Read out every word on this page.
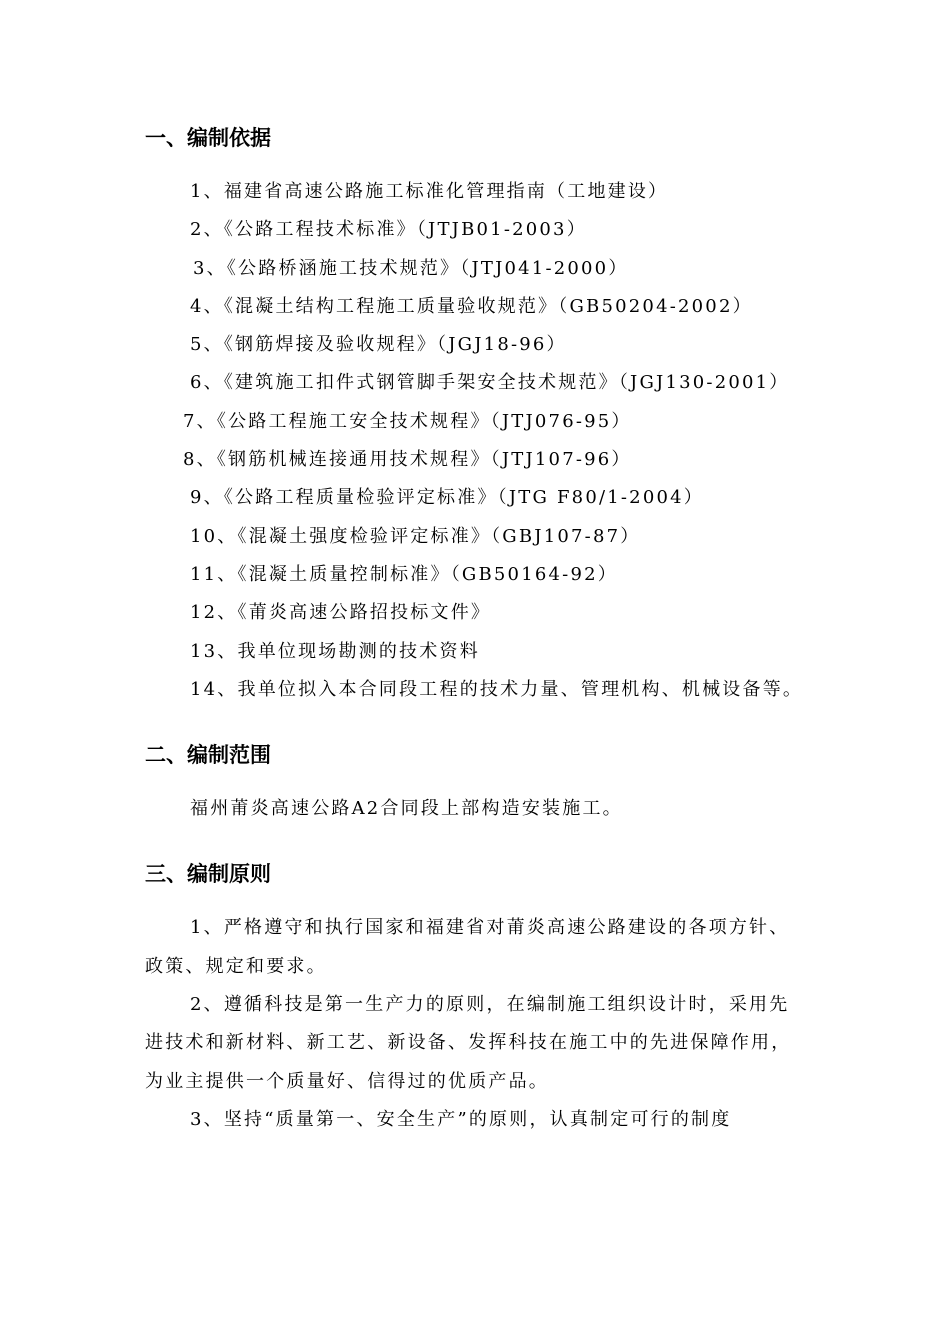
一、编制依据

1、福建省高速公路施工标准化管理指南（工地建设）

2、《公路工程技术标准》（JTJB01-2003）

3、《公路桥涵施工技术规范》（JTJ041-2000）

4、《混凝土结构工程施工质量验收规范》（GB50204-2002）

5、《钢筋焊接及验收规程》（JGJ18-96）

6、《建筑施工扣件式钢管脚手架安全技术规范》（JGJ130-2001）

7、《公路工程施工安全技术规程》（JTJ076-95）

8、《钢筋机械连接通用技术规程》（JTJ107-96）

9、《公路工程质量检验评定标准》（JTG F80/1-2004）

10、《混凝土强度检验评定标准》（GBJ107-87）

11、《混凝土质量控制标准》（GB50164-92）

12、《莆炎高速公路招投标文件》

13、我单位现场勘测的技术资料

14、我单位拟入本合同段工程的技术力量、管理机构、机械设备等。

二、编制范围

福州莆炎高速公路A2合同段上部构造安装施工。

三、编制原则

1、严格遵守和执行国家和福建省对莆炎高速公路建设的各项方针、政策、规定和要求。

2、遵循科技是第一生产力的原则，在编制施工组织设计时，采用先进技术和新材料、新工艺、新设备、发挥科技在施工中的先进保障作用，为业主提供一个质量好、信得过的优质产品。

3、坚持“质量第一、安全生产”的原则，认真制定可行的制度
